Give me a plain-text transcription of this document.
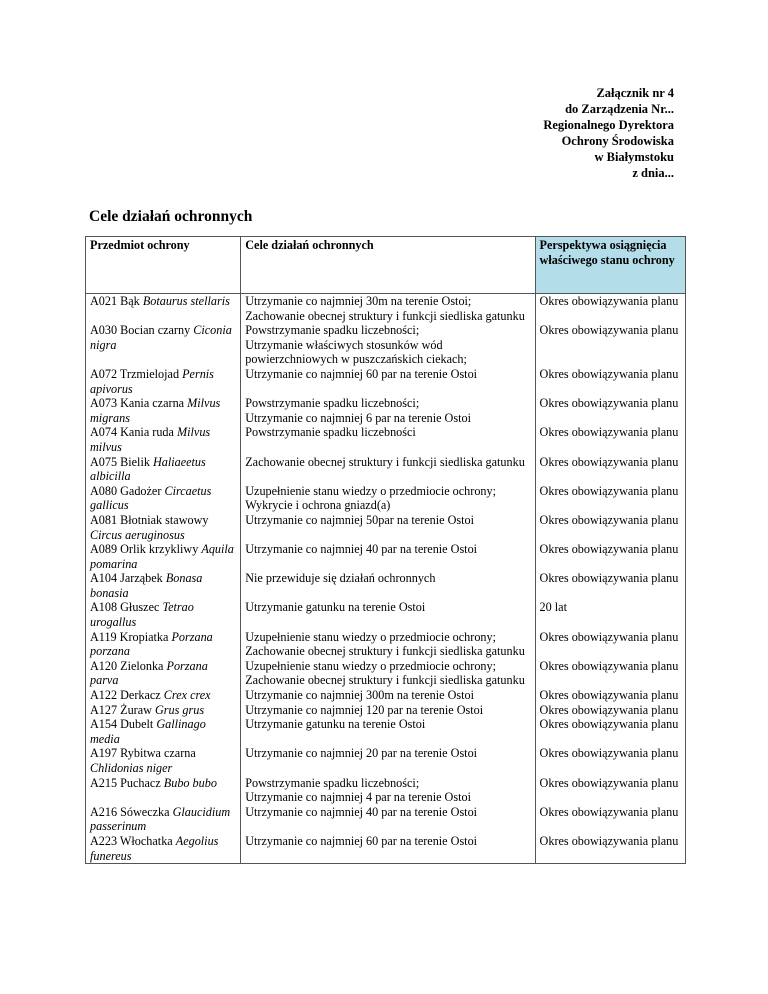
Załącznik nr 4
do Zarządzenia Nr...
Regionalnego Dyrektora
Ochrony Środowiska
w Białymstoku
z dnia...
Cele działań ochronnych
Przedmiot ochrony	Cele działań ochronnych	Perspektywa osiągnięcia właściwego stanu ochrony
A021 Bąk Botaurus stellaris	Utrzymanie co najmniej 30m na terenie Ostoi;
Zachowanie obecnej struktury i funkcji siedliska gatunku	Okres obowiązywania planu

A030 Bocian czarny Ciconia nigra	Powstrzymanie spadku liczebności;
Utrzymanie właściwych stosunków wód powierzchniowych w puszczańskich ciekach;	Okres obowiązywania planu

A072 Trzmielojad Pernis apivorus	Utrzymanie co najmniej 60 par na terenie Ostoi	Okres obowiązywania planu

A073 Kania czarna Milvus migrans	Powstrzymanie spadku liczebności;
Utrzymanie co najmniej 6 par na terenie Ostoi	Okres obowiązywania planu

A074 Kania ruda Milvus milvus	Powstrzymanie spadku liczebności	Okres obowiązywania planu

A075 Bielik Haliaeetus albicilla	Zachowanie obecnej struktury i funkcji siedliska gatunku	Okres obowiązywania planu

A080 Gadożer Circaetus gallicus	Uzupełnienie stanu wiedzy o przedmiocie ochrony;
Wykrycie i ochrona gniazd(a)	Okres obowiązywania planu

A081 Błotniak stawowy Circus aeruginosus	Utrzymanie co najmniej 50par na terenie Ostoi	Okres obowiązywania planu

A089 Orlik krzykliwy Aquila pomarina	Utrzymanie co najmniej 40 par na terenie Ostoi	Okres obowiązywania planu

A104 Jarząbek Bonasa bonasia	Nie przewiduje się działań ochronnych	Okres obowiązywania planu

A108 Głuszec Tetrao urogallus	Utrzymanie gatunku na terenie Ostoi	20 lat

A119 Kropiatka Porzana porzana	Uzupełnienie stanu wiedzy o przedmiocie ochrony;
Zachowanie obecnej struktury i funkcji siedliska gatunku	Okres obowiązywania planu

A120 Zielonka Porzana parva	Uzupełnienie stanu wiedzy o przedmiocie ochrony;
Zachowanie obecnej struktury i funkcji siedliska gatunku	Okres obowiązywania planu

A122 Derkacz Crex crex	Utrzymanie co najmniej 300m na terenie Ostoi	Okres obowiązywania planu

A127 Żuraw Grus grus	Utrzymanie co najmniej 120 par na terenie Ostoi	Okres obowiązywania planu

A154 Dubelt Gallinago media	Utrzymanie gatunku na terenie Ostoi	Okres obowiązywania planu

A197 Rybitwa czarna Chlidonias niger	Utrzymanie co najmniej 20 par na terenie Ostoi	Okres obowiązywania planu

A215 Puchacz Bubo bubo	Powstrzymanie spadku liczebności;
Utrzymanie co najmniej 4 par na terenie Ostoi	Okres obowiązywania planu

A216 Sóweczka Glaucidium passerinum	Utrzymanie co najmniej 40 par na terenie Ostoi	Okres obowiązywania planu

A223 Włochatka Aegolius funereus	Utrzymanie co najmniej 60 par na terenie Ostoi	Okres obowiązywania planu
